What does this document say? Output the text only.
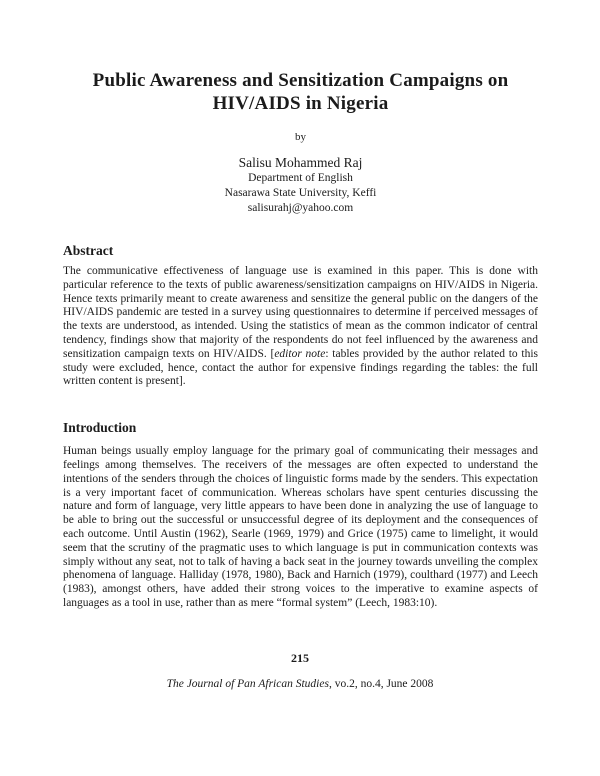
Public Awareness and Sensitization Campaigns on
HIV/AIDS in Nigeria
by
Salisu Mohammed Raj
Department of English
Nasarawa State University, Keffi
salisurahj@yahoo.com
Abstract

The communicative effectiveness of language use is examined in this paper. This is done with particular reference to the texts of public awareness/sensitization campaigns on HIV/AIDS in Nigeria. Hence texts primarily meant to create awareness and sensitize the general public on the dangers of the HIV/AIDS pandemic are tested in a survey using questionnaires to determine if perceived messages of the texts are understood, as intended. Using the statistics of mean as the common indicator of central tendency, findings show that majority of the respondents do not feel influenced by the awareness and sensitization campaign texts on HIV/AIDS. [editor note: tables provided by the author related to this study were excluded, hence, contact the author for expensive findings regarding the tables: the full written content is present].

Introduction

Human beings usually employ language for the primary goal of communicating their messages and feelings among themselves. The receivers of the messages are often expected to understand the intentions of the senders through the choices of linguistic forms made by the senders. This expectation is a very important facet of communication. Whereas scholars have spent centuries discussing the nature and form of language, very little appears to have been done in analyzing the use of language to be able to bring out the successful or unsuccessful degree of its deployment and the consequences of each outcome. Until Austin (1962), Searle (1969, 1979) and Grice (1975) came to limelight, it would seem that the scrutiny of the pragmatic uses to which language is put in communication contexts was simply without any seat, not to talk of having a back seat in the journey towards unveiling the complex phenomena of language. Halliday (1978, 1980), Back and Harnich (1979), coulthard (1977) and Leech (1983), amongst others, have added their strong voices to the imperative to examine aspects of languages as a tool in use, rather than as mere “formal system” (Leech, 1983:10).

215
The Journal of Pan African Studies, vo.2, no.4, June 2008
